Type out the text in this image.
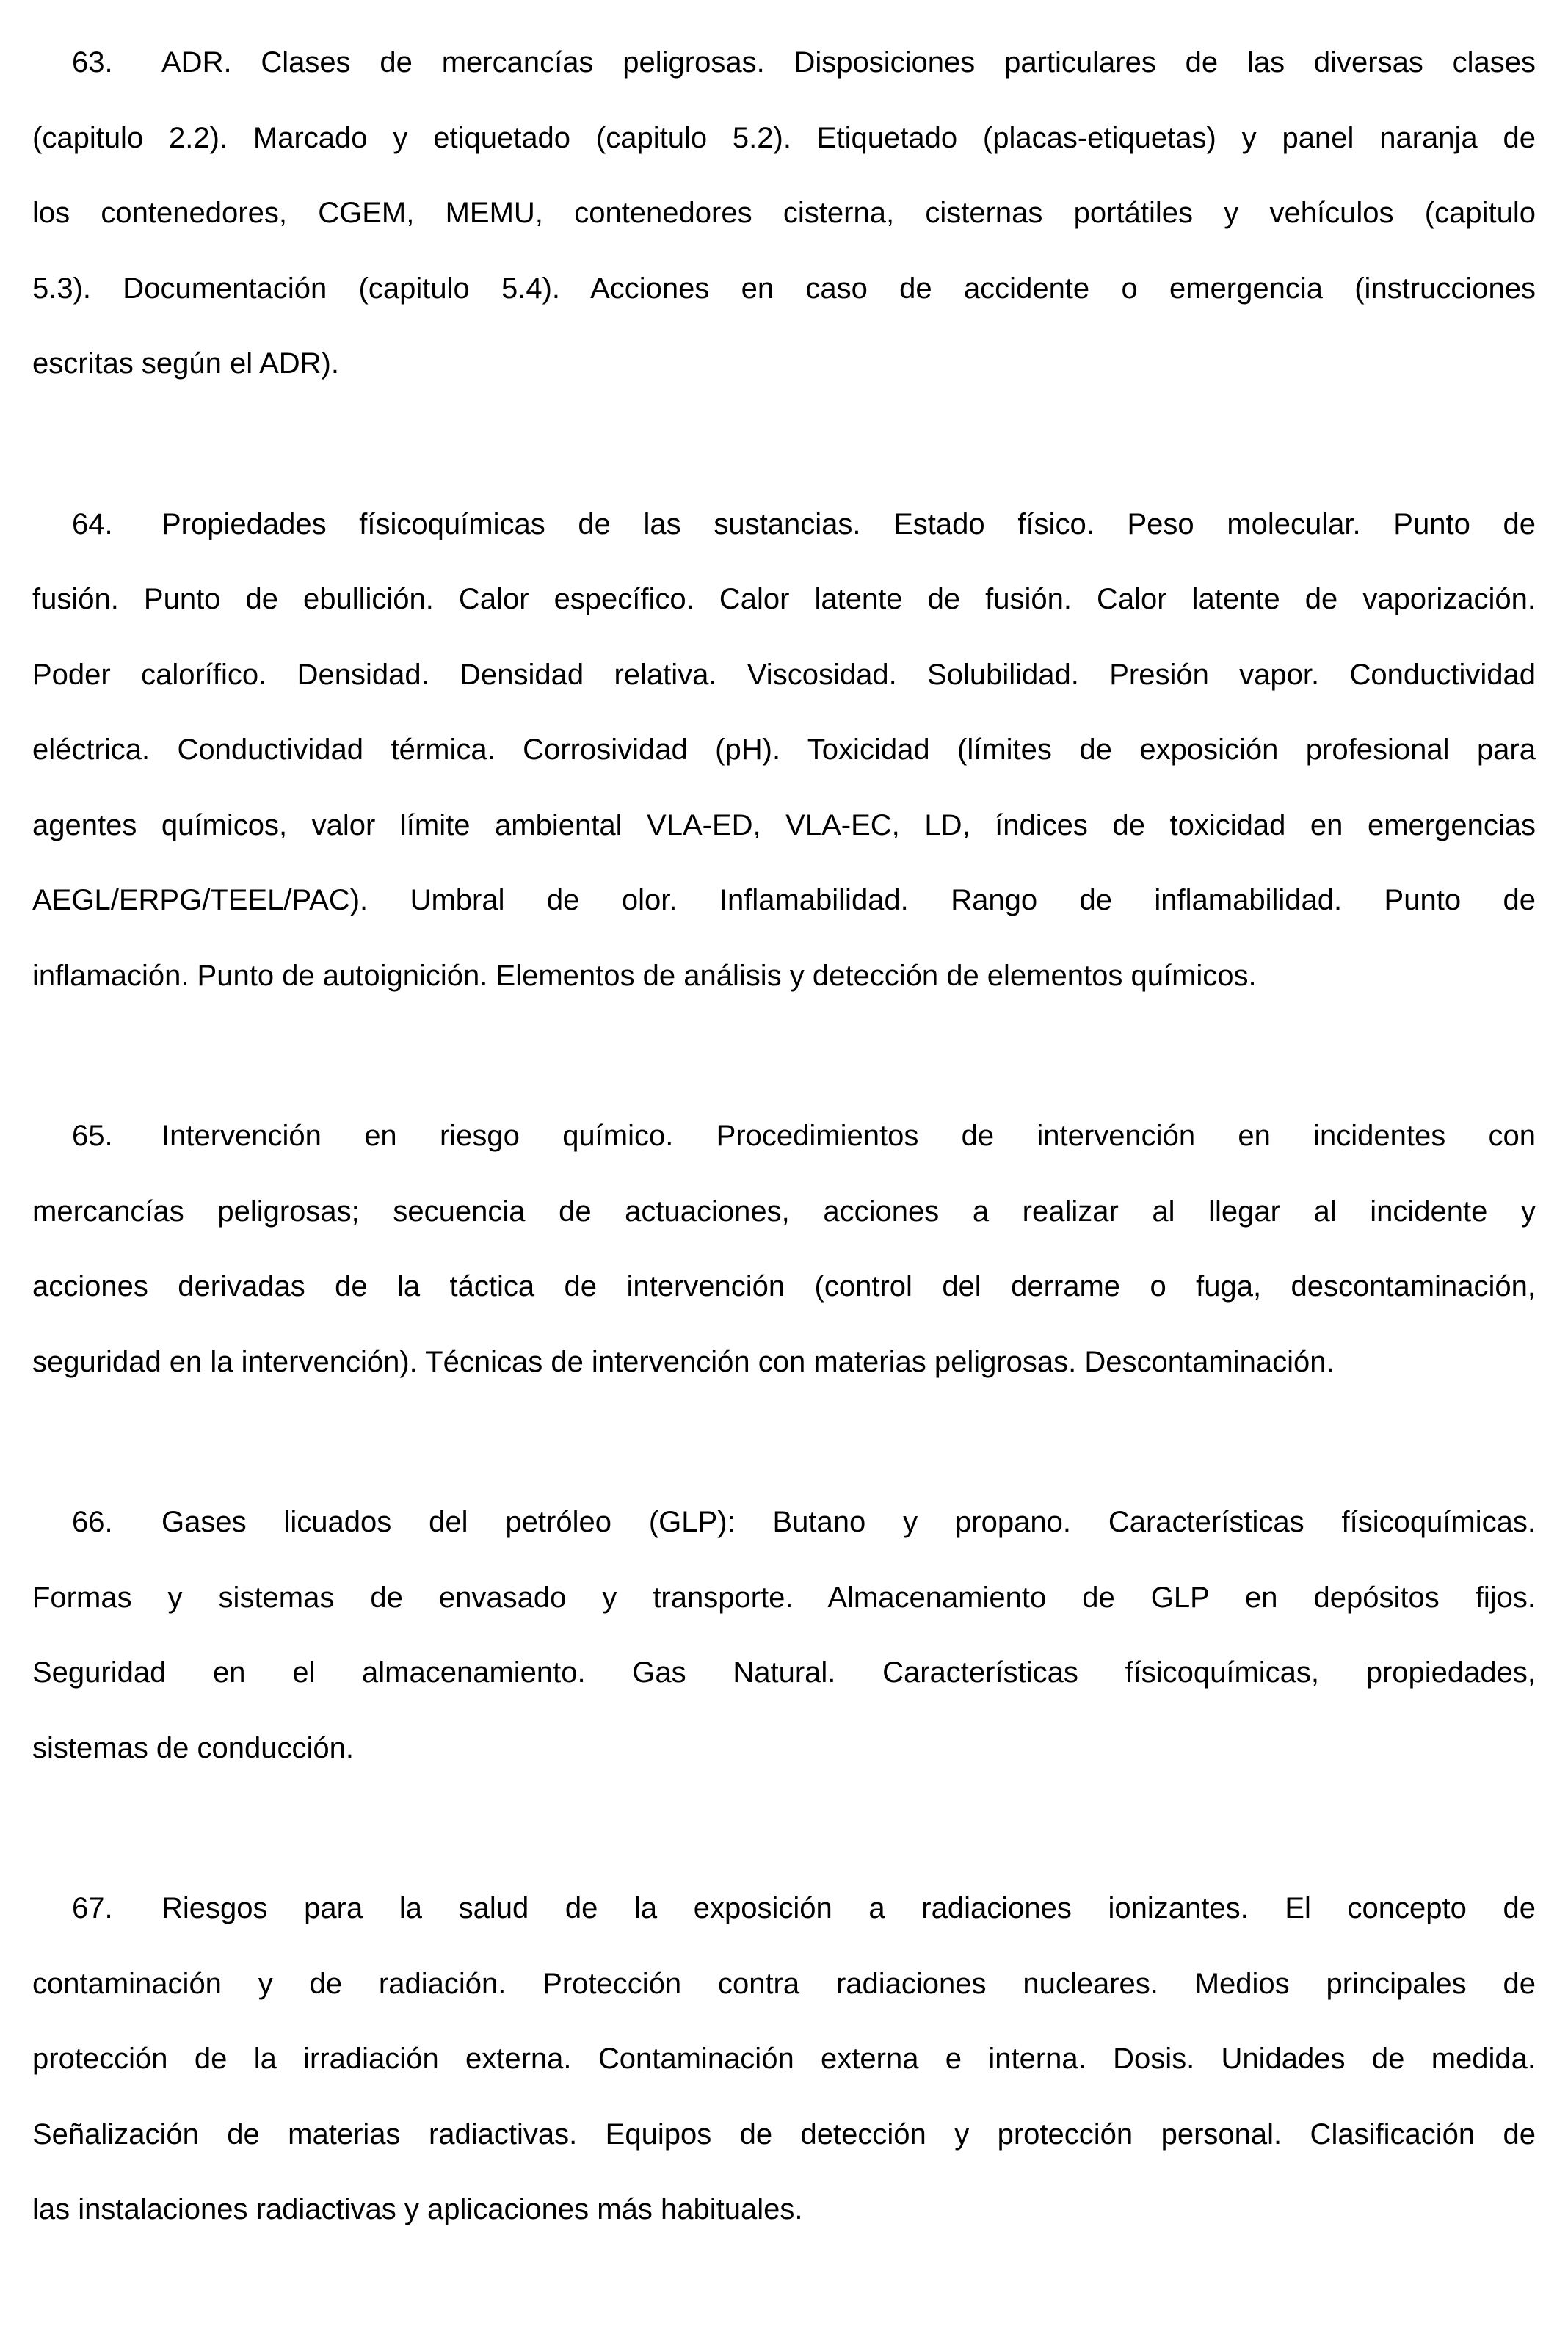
63. ADR. Clases de mercancías peligrosas. Disposiciones particulares de las diversas clases
(capitulo 2.2). Marcado y etiquetado (capitulo 5.2). Etiquetado (placas-etiquetas) y panel naranja de
los contenedores, CGEM, MEMU, contenedores cisterna, cisternas portátiles y vehículos (capitulo
5.3). Documentación (capitulo 5.4). Acciones en caso de accidente o emergencia (instrucciones
escritas según el ADR).

64. Propiedades físicoquímicas de las sustancias. Estado físico. Peso molecular. Punto de
fusión. Punto de ebullición. Calor específico. Calor latente de fusión. Calor latente de vaporización.
Poder calorífico. Densidad. Densidad relativa. Viscosidad. Solubilidad. Presión vapor. Conductividad
eléctrica. Conductividad térmica. Corrosividad (pH). Toxicidad (límites de exposición profesional para
agentes químicos, valor límite ambiental VLA-ED, VLA-EC, LD, índices de toxicidad en emergencias
AEGL/ERPG/TEEL/PAC). Umbral de olor. Inflamabilidad. Rango de inflamabilidad. Punto de
inflamación. Punto de autoignición. Elementos de análisis y detección de elementos químicos.

65. Intervención en riesgo químico. Procedimientos de intervención en incidentes con
mercancías peligrosas; secuencia de actuaciones, acciones a realizar al llegar al incidente y
acciones derivadas de la táctica de intervención (control del derrame o fuga, descontaminación,
seguridad en la intervención). Técnicas de intervención con materias peligrosas. Descontaminación.

66. Gases licuados del petróleo (GLP): Butano y propano. Características físicoquímicas.
Formas y sistemas de envasado y transporte. Almacenamiento de GLP en depósitos fijos.
Seguridad en el almacenamiento. Gas Natural. Características físicoquímicas, propiedades,
sistemas de conducción.

67. Riesgos para la salud de la exposición a radiaciones ionizantes. El concepto de
contaminación y de radiación. Protección contra radiaciones nucleares. Medios principales de
protección de la irradiación externa. Contaminación externa e interna. Dosis. Unidades de medida.
Señalización de materias radiactivas. Equipos de detección y protección personal. Clasificación de
las instalaciones radiactivas y aplicaciones más habituales.
